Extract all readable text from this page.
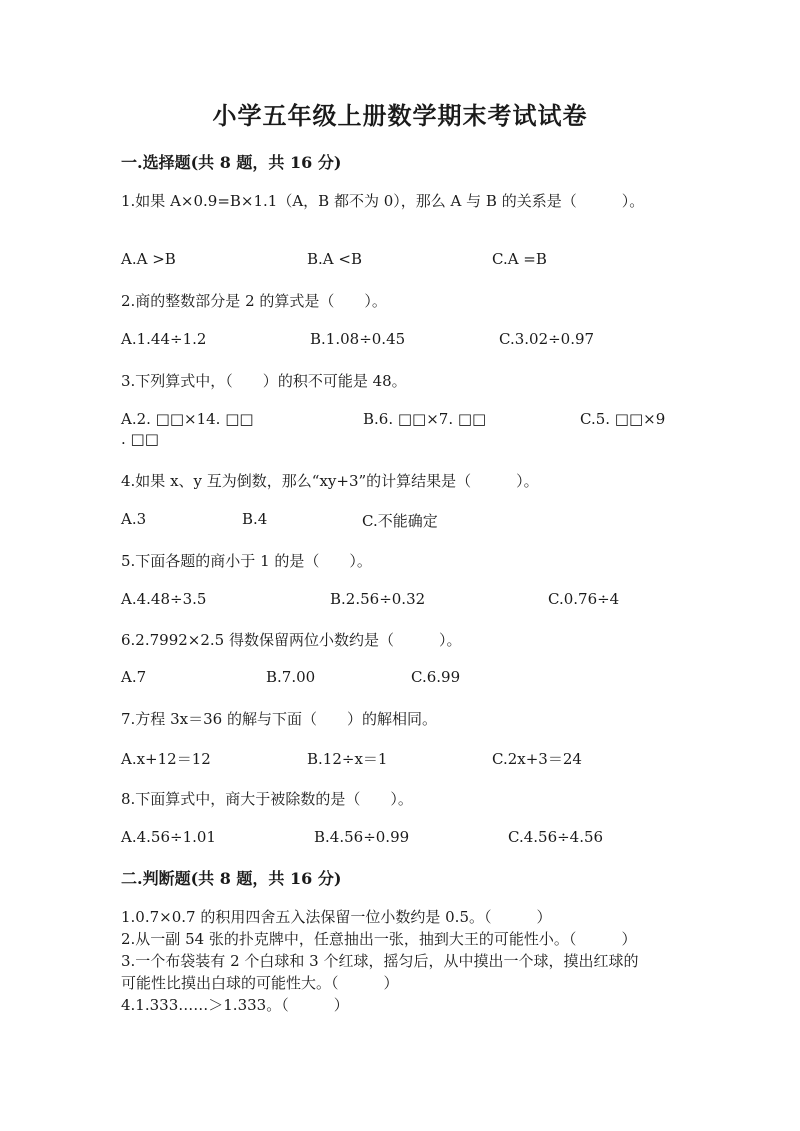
小学五年级上册数学期末考试试卷
一.选择题(共 8 题，共 16 分)
1.如果 A×0.9=B×1.1（A，B 都不为 0），那么 A 与 B 的关系是（　　　）。
A.A >B	B.A <B	C.A =B
2.商的整数部分是 2 的算式是（　　）。
A.1.44÷1.2	B.1.08÷0.45	C.3.02÷0.97
3.下列算式中，（　　）的积不可能是 48。
A.2. □□×14. □□	B.6. □□×7. □□	C.5. □□×9
. □□
4.如果 x、y 互为倒数，那么“xy+3”的计算结果是（　　　）。
A.3	B.4	C.不能确定
5.下面各题的商小于 1 的是（　　）。
A.4.48÷3.5	B.2.56÷0.32	C.0.76÷4
6.2.7992×2.5 得数保留两位小数约是（　　　）。
A.7	B.7.00	C.6.99
7.方程 3x＝36 的解与下面（　　）的解相同。
A.x+12＝12	B.12÷x＝1	C.2x+3＝24
8.下面算式中，商大于被除数的是（　　）。
A.4.56÷1.01	B.4.56÷0.99	C.4.56÷4.56
二.判断题(共 8 题，共 16 分)
1.0.7×0.7 的积用四舍五入法保留一位小数约是 0.5。（　　　）
2.从一副 54 张的扑克牌中，任意抽出一张，抽到大王的可能性小。（　　　）
3.一个布袋装有 2 个白球和 3 个红球，摇匀后，从中摸出一个球，摸出红球的
可能性比摸出白球的可能性大。（　　　）
4.1.333……＞1.333。（　　　）
